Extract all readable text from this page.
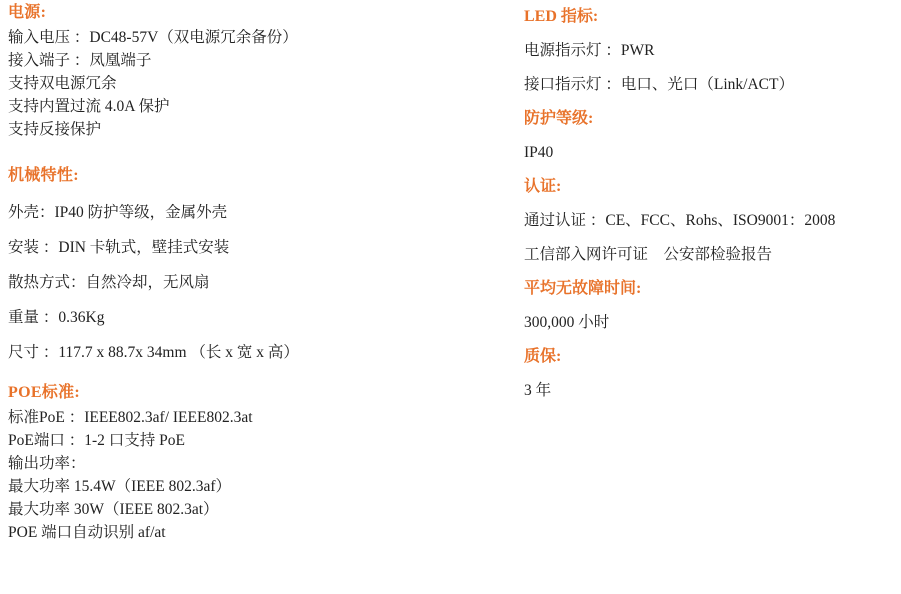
电源:
输入电压 ：DC48-57V（双电源冗余备份）
接入端子 ：凤凰端子
支持双电源冗余
支持内置过流 4.0A 保护
支持反接保护
机械特性:
外壳：IP40 防护等级，金属外壳
安装 ：DIN 卡轨式，壁挂式安装
散热方式：自然冷却，无风扇
重量 ：0.36Kg
尺寸 ：117.7 x 88.7x 34mm （长 x 宽 x 高）
POE标准:
标准PoE ：IEEE802.3af/ IEEE802.3at
PoE端口 ：1-2 口支持 PoE
输出功率：
最大功率 15.4W（IEEE 802.3af）
最大功率 30W（IEEE 802.3at）
POE 端口自动识别 af/at
LED 指标:
电源指示灯 ：PWR
接口指示灯 ：电口、光口（Link/ACT）
防护等级:
IP40
认证:
通过认证 ：CE、FCC、Rohs、ISO9001：2008
工信部入网许可证    公安部检验报告
平均无故障时间:
300,000 小时
质保:
3 年
